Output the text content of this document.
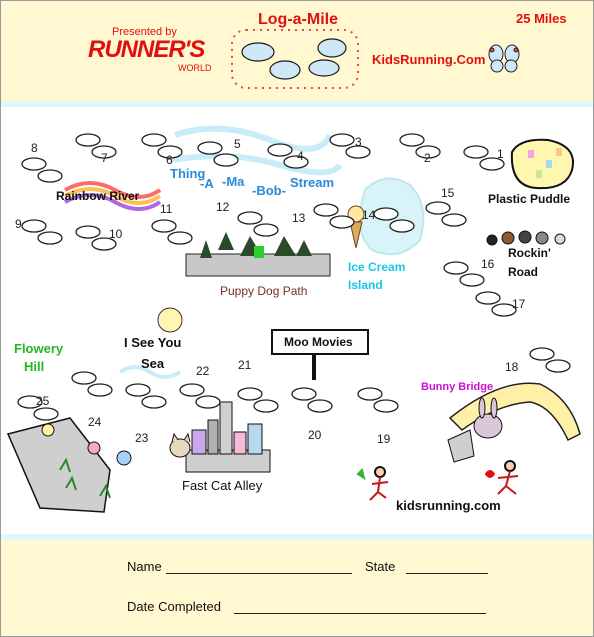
Presented by
RUNNER'S
WORLD
Log-a-Mile	25 Miles
KidsRunning.Com
1
2
3
4
5
6
7
8
9
10
11	12
13	14
15
16
17
18
19
20
21
22
23
24
25
Rainbow River
Thing
-A -Ma
-Bob-
Stream
Plastic Puddle
Ice Cream
Island
Rockin'
Road
Puppy Dog Path
Flowery
Hill
I See You
Sea
Moo Movies
Bunny Bridge
Fast Cat Alley
kidsrunning.com
Name	State
Date Completed
